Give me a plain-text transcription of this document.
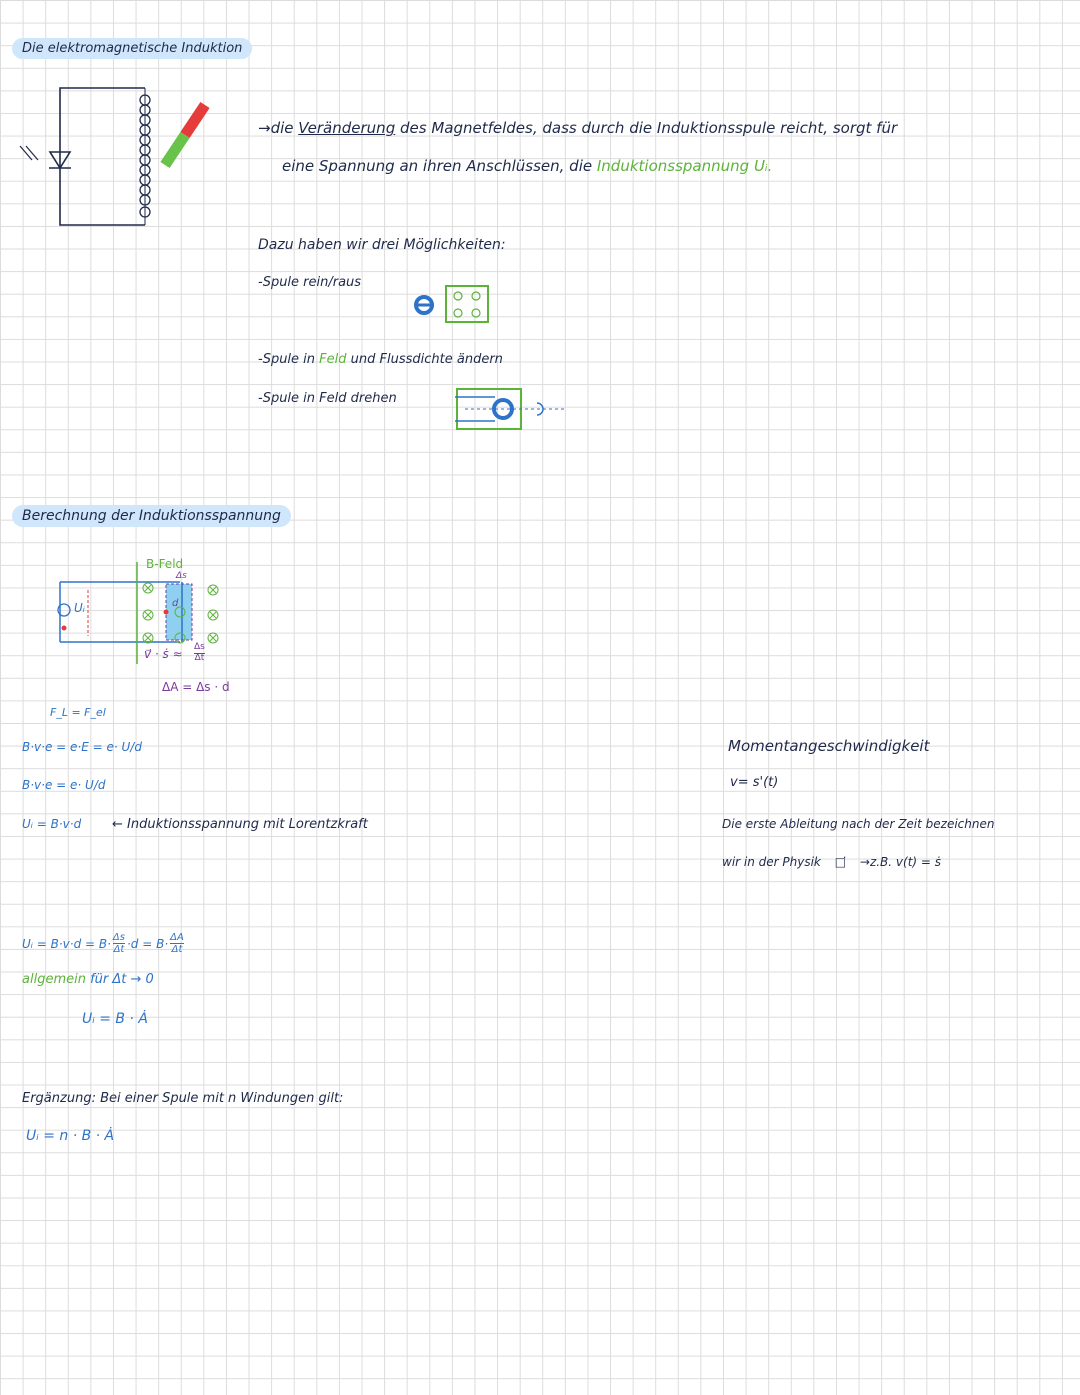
Die elektromagnetische Induktion
→die Veränderung des Magnetfeldes, dass durch die Induktionsspule reicht, sorgt für
eine Spannung an ihren Anschlüssen, die Induktionsspannung Uᵢ.
Dazu haben wir drei Möglichkeiten:
-Spule rein/raus
-Spule in Feld und Flussdichte ändern
-Spule in Feld drehen
Berechnung der Induktionsspannung
B-Feld
Δs
d
Uᵢ
v⃗ · ṡ ≈ Δs
Δt
ΔA = Δs · d
F_L = F_el
B·v·e = e·E = e· U/d
B·v·e = e· U/d
Uᵢ = B·v·d ← Induktionsspannung mit Lorentzkraft
Uᵢ = B·v·d = B· Δs
Δt ·d = B· ΔA
Δt
allgemein für Δt → 0
Uᵢ = B · Ȧ
Ergänzung: Bei einer Spule mit n Windungen gilt:
Uᵢ = n · B · Ȧ
Momentangeschwindigkeit
v= s'(t)
Die erste Ableitung nach der Zeit bezeichnen
wir in der Physik □̇ →z.B. v(t) = ṡ
